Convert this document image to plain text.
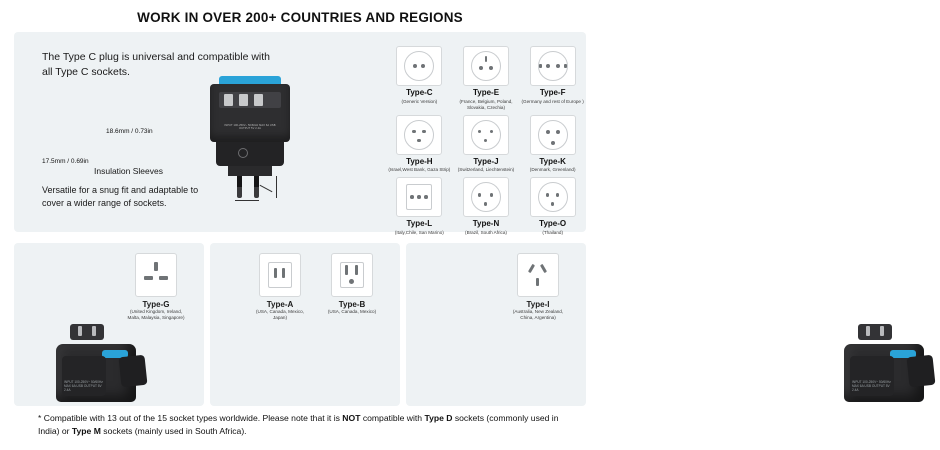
WORK IN OVER 200+ COUNTRIES AND REGIONS
The Type C plug is universal and compatible with all Type C sockets.
Versatile for a snug fit and adaptable to cover a wider range of sockets.
INPUT 100-250V~ 50/60Hz MAX 6A USB OUTPUT 5V 2.4A
18.6mm / 0.73in
17.5mm / 0.69in
Insulation Sleeves
Type-C
(Generic Version)
Type-E
(France, Belgium, Poland, Slovakia, Czechia)
Type-F
(Germany and rest of Europe )
Type-H
(Israel,West Bank, Gaza Strip)
Type-J
(Switzerland, Liechtenstein)
Type-K
(Denmark, Greenland)
Type-L
(Italy,Chile, San Marino)
Type-N
(Brazil, South Africa)
Type-O
(Thailand)
Type-G
(United Kingdom, Ireland, Malta, Malaysia, Singapore)
INPUT 100-250V~ 50/60Hz MAX 6A USB OUTPUT 5V 2.4A
Type-A
(USA, Canada, Mexico, Japan)
Type-B
(USA, Canada, Mexico)
Type-I
(Australia, New Zealand, China, Argentina)
INPUT 100-250V~ 50/60Hz MAX 6A USB OUTPUT 5V 2.4A
* Compatible with 13 out of the 15 socket types worldwide. Please note that it is NOT compatible with Type D sockets (commonly used in India) or Type M sockets (mainly used in South Africa).
